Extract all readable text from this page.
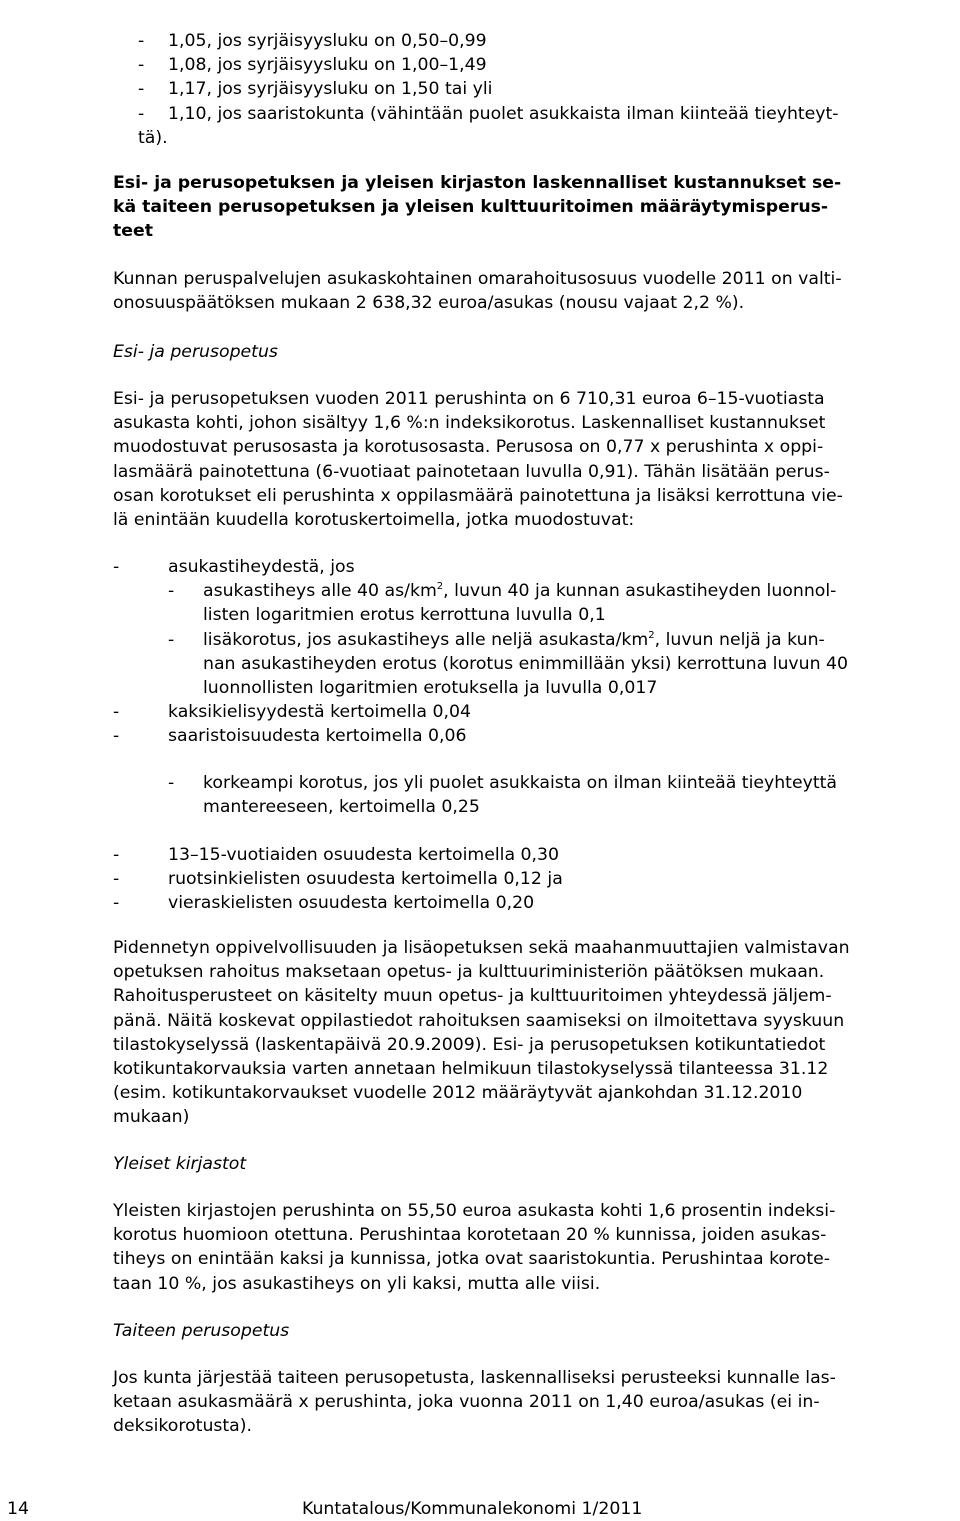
-	1,05, jos syrjäisyysluku on 0,50–0,99
-	1,08, jos syrjäisyysluku on 1,00–1,49
-	1,17, jos syrjäisyysluku on 1,50 tai yli
-	1,10, jos saaristokunta (vähintään puolet asukkaista ilman kiinteää tieyhteyt-
tä).
Esi- ja perusopetuksen ja yleisen kirjaston laskennalliset kustannukset se-
kä taiteen perusopetuksen ja yleisen kulttuuritoimen määräytymisperus-
teet
Kunnan peruspalvelujen asukaskohtainen omarahoitusosuus vuodelle 2011 on valti-
onosuuspäätöksen mukaan 2 638,32 euroa/asukas (nousu vajaat 2,2 %).
Esi- ja perusopetus
Esi- ja perusopetuksen vuoden 2011 perushinta on 6 710,31 euroa 6–15-vuotiasta
asukasta kohti, johon sisältyy 1,6 %:n indeksikorotus. Laskennalliset kustannukset
muodostuvat perusosasta ja korotusosasta. Perusosa on 0,77 x perushinta x oppi-
lasmäärä painotettuna (6-vuotiaat painotetaan luvulla 0,91). Tähän lisätään perus-
osan korotukset eli perushinta x oppilasmäärä painotettuna ja lisäksi kerrottuna vie-
lä enintään kuudella korotuskertoimella, jotka muodostuvat:
-	asukastiheydestä, jos
-	asukastiheys alle 40 $as/km^2$, luvun 40 ja kunnan asukastiheyden luonnol-
listen logaritmien erotus kerrottuna luvulla 0,1
-	lisäkorotus, jos asukastiheys alle neljä asukasta/$km^2$, luvun neljä ja kun-
nan asukastiheyden erotus (korotus enimmillään yksi) kerrottuna luvun 40
luonnollisten logaritmien erotuksella ja luvulla 0,017
-	kaksikielisyydestä kertoimella 0,04
-	saaristoisuudesta kertoimella 0,06
-	korkeampi korotus, jos yli puolet asukkaista on ilman kiinteää tieyhteyttä
mantereeseen, kertoimella 0,25
-	13–15-vuotiaiden osuudesta kertoimella 0,30
-	ruotsinkielisten osuudesta kertoimella 0,12 ja
-	vieraskielisten osuudesta kertoimella 0,20
Pidennetyn oppivelvollisuuden ja lisäopetuksen sekä maahanmuuttajien valmistavan
opetuksen rahoitus maksetaan opetus- ja kulttuuriministeriön päätöksen mukaan.
Rahoitusperusteet on käsitelty muun opetus- ja kulttuuritoimen yhteydessä jäljem-
pänä. Näitä koskevat oppilastiedot rahoituksen saamiseksi on ilmoitettava syyskuun
tilastokyselyssä (laskentapäivä 20.9.2009). Esi- ja perusopetuksen kotikuntatiedot
kotikuntakorvauksia varten annetaan helmikuun tilastokyselyssä tilanteessa 31.12
(esim. kotikuntakorvaukset vuodelle 2012 määräytyvät ajankohdan 31.12.2010
mukaan)
Yleiset kirjastot
Yleisten kirjastojen perushinta on 55,50 euroa asukasta kohti 1,6 prosentin indeksi-
korotus huomioon otettuna. Perushintaa korotetaan 20 % kunnissa, joiden asukas-
tiheys on enintään kaksi ja kunnissa, jotka ovat saaristokuntia. Perushintaa korote-
taan 10 %, jos asukastiheys on yli kaksi, mutta alle viisi.
Taiteen perusopetus
Jos kunta järjestää taiteen perusopetusta, laskennalliseksi perusteeksi kunnalle las-
ketaan asukasmäärä x perushinta, joka vuonna 2011 on 1,40 euroa/asukas (ei in-
deksikorotusta).
14	Kuntatalous/Kommunalekonomi 1/2011
